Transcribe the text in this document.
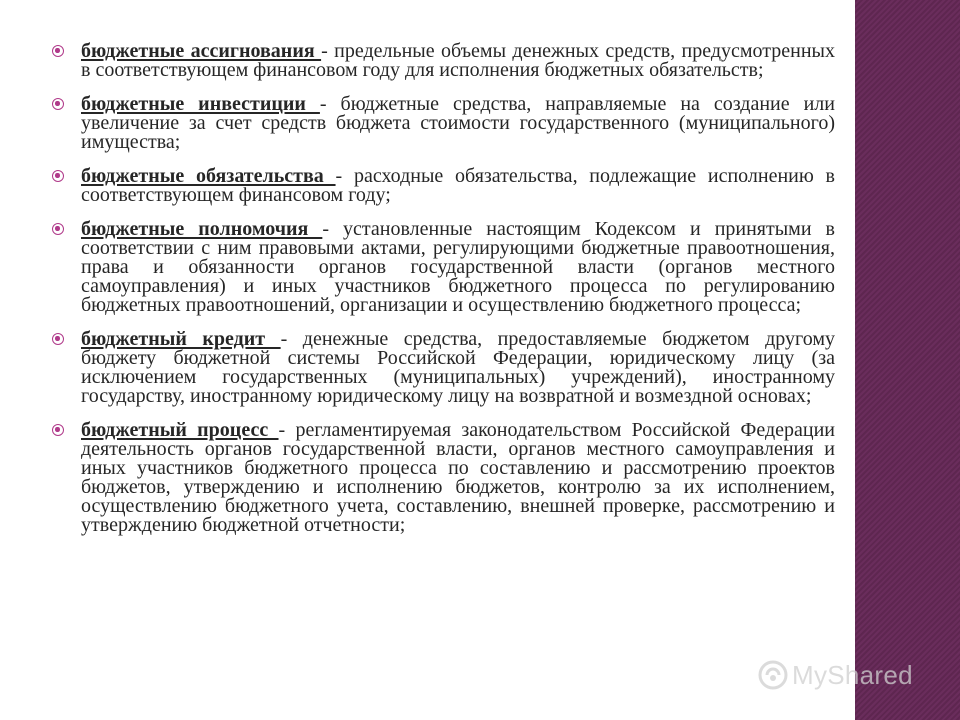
бюджетные ассигнования - предельные объемы денежных средств, предусмотренных в соответствующем финансовом году для исполнения бюджетных обязательств;
бюджетные инвестиции - бюджетные средства, направляемые на создание или увеличение за счет средств бюджета стоимости государственного (муниципального) имущества;
бюджетные обязательства - расходные обязательства, подлежащие исполнению в соответствующем финансовом году;
бюджетные полномочия - установленные настоящим Кодексом и принятыми в соответствии с ним правовыми актами, регулирующими бюджетные правоотношения, права и обязанности органов государственной власти (органов местного самоуправления) и иных участников бюджетного процесса по регулированию бюджетных правоотношений, организации и осуществлению бюджетного процесса;
бюджетный кредит - денежные средства, предоставляемые бюджетом другому бюджету бюджетной системы Российской Федерации, юридическому лицу (за исключением государственных (муниципальных) учреждений), иностранному государству, иностранному юридическому лицу на возвратной и возмездной основах;
бюджетный процесс - регламентируемая законодательством Российской Федерации деятельность органов государственной власти, органов местного самоуправления и иных участников бюджетного процесса по составлению и рассмотрению проектов бюджетов, утверждению и исполнению бюджетов, контролю за их исполнением, осуществлению бюджетного учета, составлению, внешней проверке, рассмотрению и утверждению бюджетной отчетности;
MyShared
